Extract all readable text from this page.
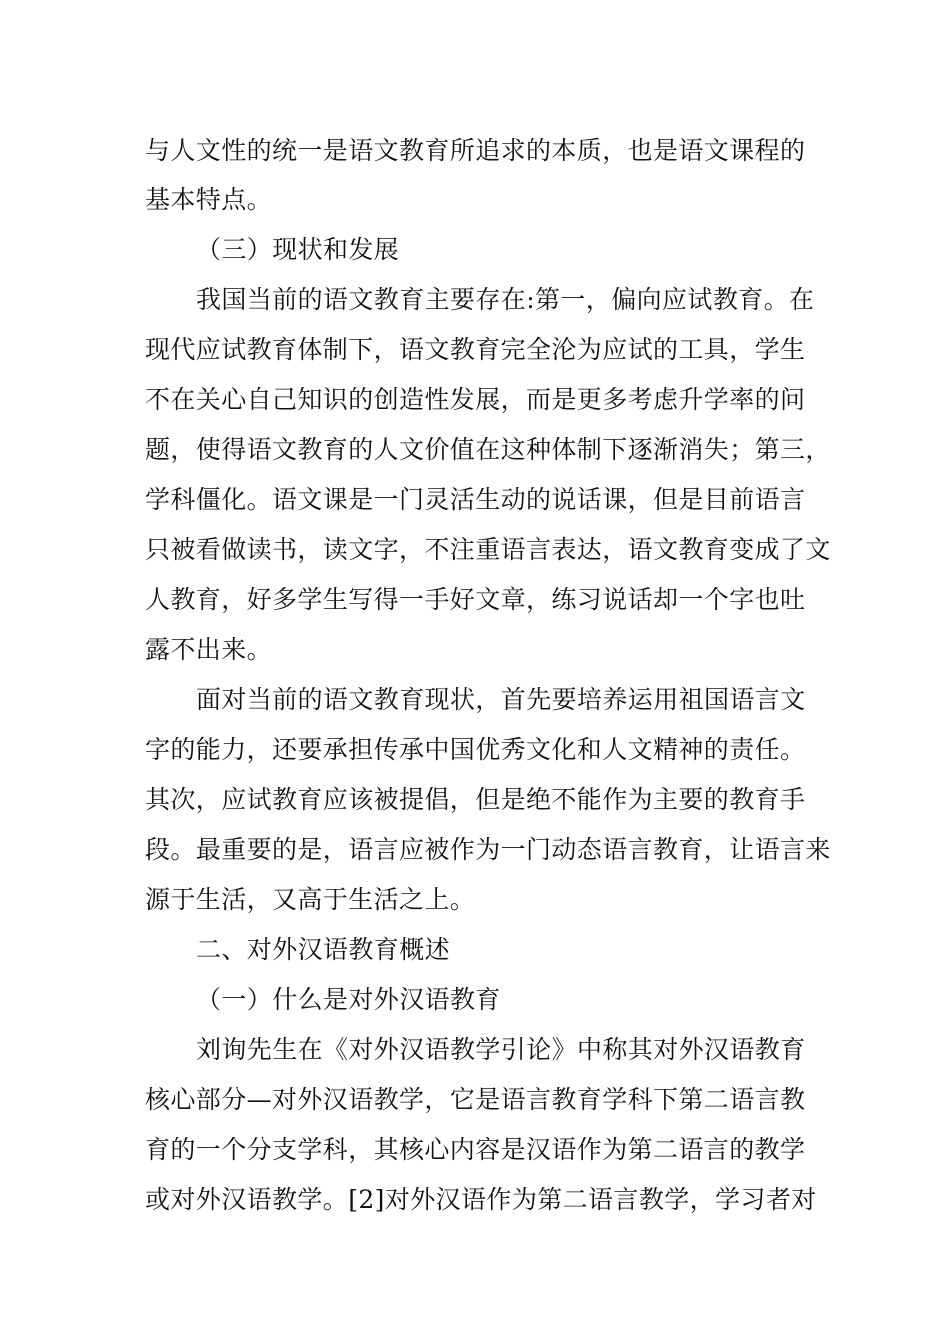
与人文性的统一是语文教育所追求的本质，也是语文课程的
基本特点。
（三）现状和发展
我国当前的语文教育主要存在:第一，偏向应试教育。在
现代应试教育体制下，语文教育完全沦为应试的工具，学生
不在关心自己知识的创造性发展，而是更多考虑升学率的问
题，使得语文教育的人文价值在这种体制下逐渐消失；第三，
学科僵化。语文课是一门灵活生动的说话课，但是目前语言
只被看做读书，读文字，不注重语言表达，语文教育变成了文
人教育，好多学生写得一手好文章，练习说话却一个字也吐
露不出来。
面对当前的语文教育现状，首先要培养运用祖国语言文
字的能力，还要承担传承中国优秀文化和人文精神的责任。
其次，应试教育应该被提倡，但是绝不能作为主要的教育手
段。最重要的是，语言应被作为一门动态语言教育，让语言来
源于生活，又高于生活之上。
二、对外汉语教育概述
（一）什么是对外汉语教育
刘询先生在《对外汉语教学引论》中称其对外汉语教育
核心部分—对外汉语教学，它是语言教育学科下第二语言教
育的一个分支学科，其核心内容是汉语作为第二语言的教学
或对外汉语教学。[2]对外汉语作为第二语言教学，学习者对
